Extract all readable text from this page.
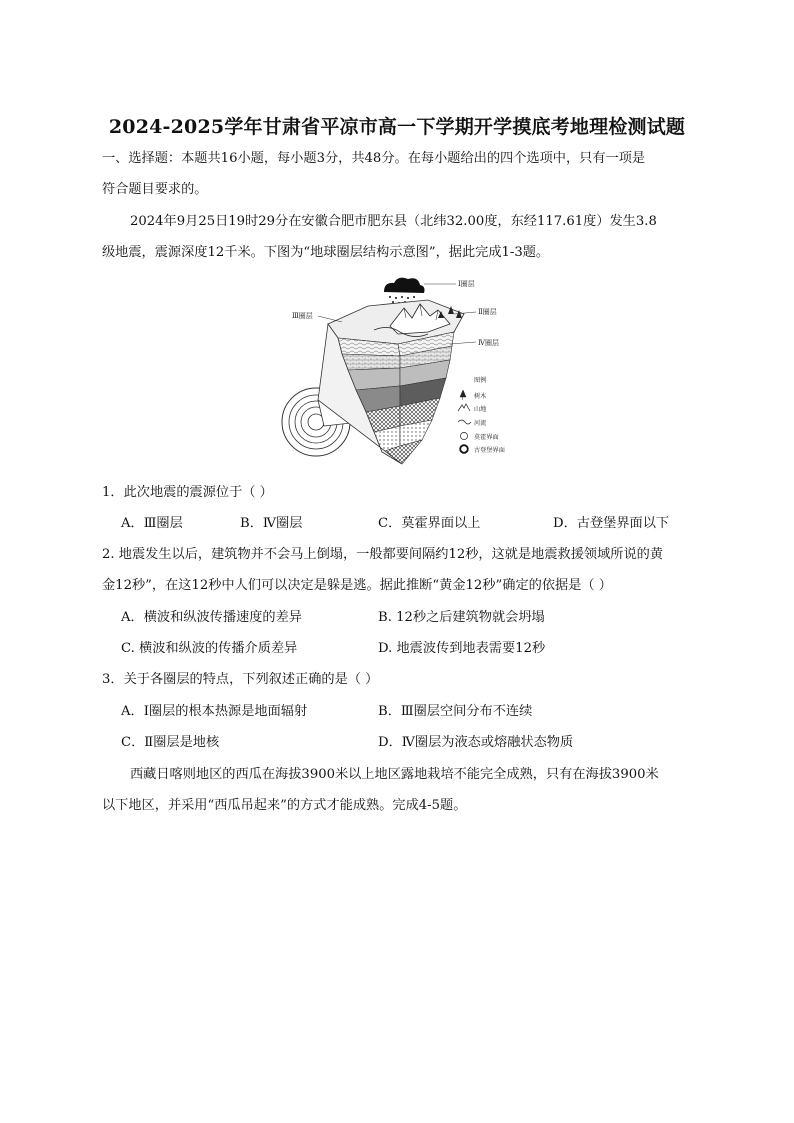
2024-2025学年甘肃省平凉市高一下学期开学摸底考地理检测试题
一、选择题：本题共16小题，每小题3分，共48分。在每小题给出的四个选项中，只有一项是
符合题目要求的。
2024年9月25日19时29分在安徽合肥市肥东县（北纬32.00度，东经117.61度）发生3.8
级地震，震源深度12千米。下图为“地球圈层结构示意图”，据此完成1-3题。
Ⅰ圈层
Ⅲ圈层	Ⅱ圈层
Ⅳ圈层
图例
树木
山地
河流
莫霍界面
古登堡界面
1．此次地震的震源位于（ ）
A．Ⅲ圈层	B．Ⅳ圈层	C．莫霍界面以上	D．古登堡界面以下
2. 地震发生以后，建筑物并不会马上倒塌，一般都要间隔约12秒，这就是地震救援领域所说的黄
金12秒”，在这12秒中人们可以决定是躲是逃。据此推断“黄金12秒”确定的依据是（ ）
A．横波和纵波传播速度的差异	B. 12秒之后建筑物就会坍塌
C. 横波和纵波的传播介质差异	D. 地震波传到地表需要12秒
3．关于各圈层的特点，下列叙述正确的是（ ）
A．Ⅰ圈层的根本热源是地面辐射	B．Ⅲ圈层空间分布不连续
C．Ⅱ圈层是地核	D．Ⅳ圈层为液态或熔融状态物质
西藏日喀则地区的西瓜在海拔3900米以上地区露地栽培不能完全成熟，只有在海拔3900米
以下地区，并采用“西瓜吊起来”的方式才能成熟。完成4-5题。
